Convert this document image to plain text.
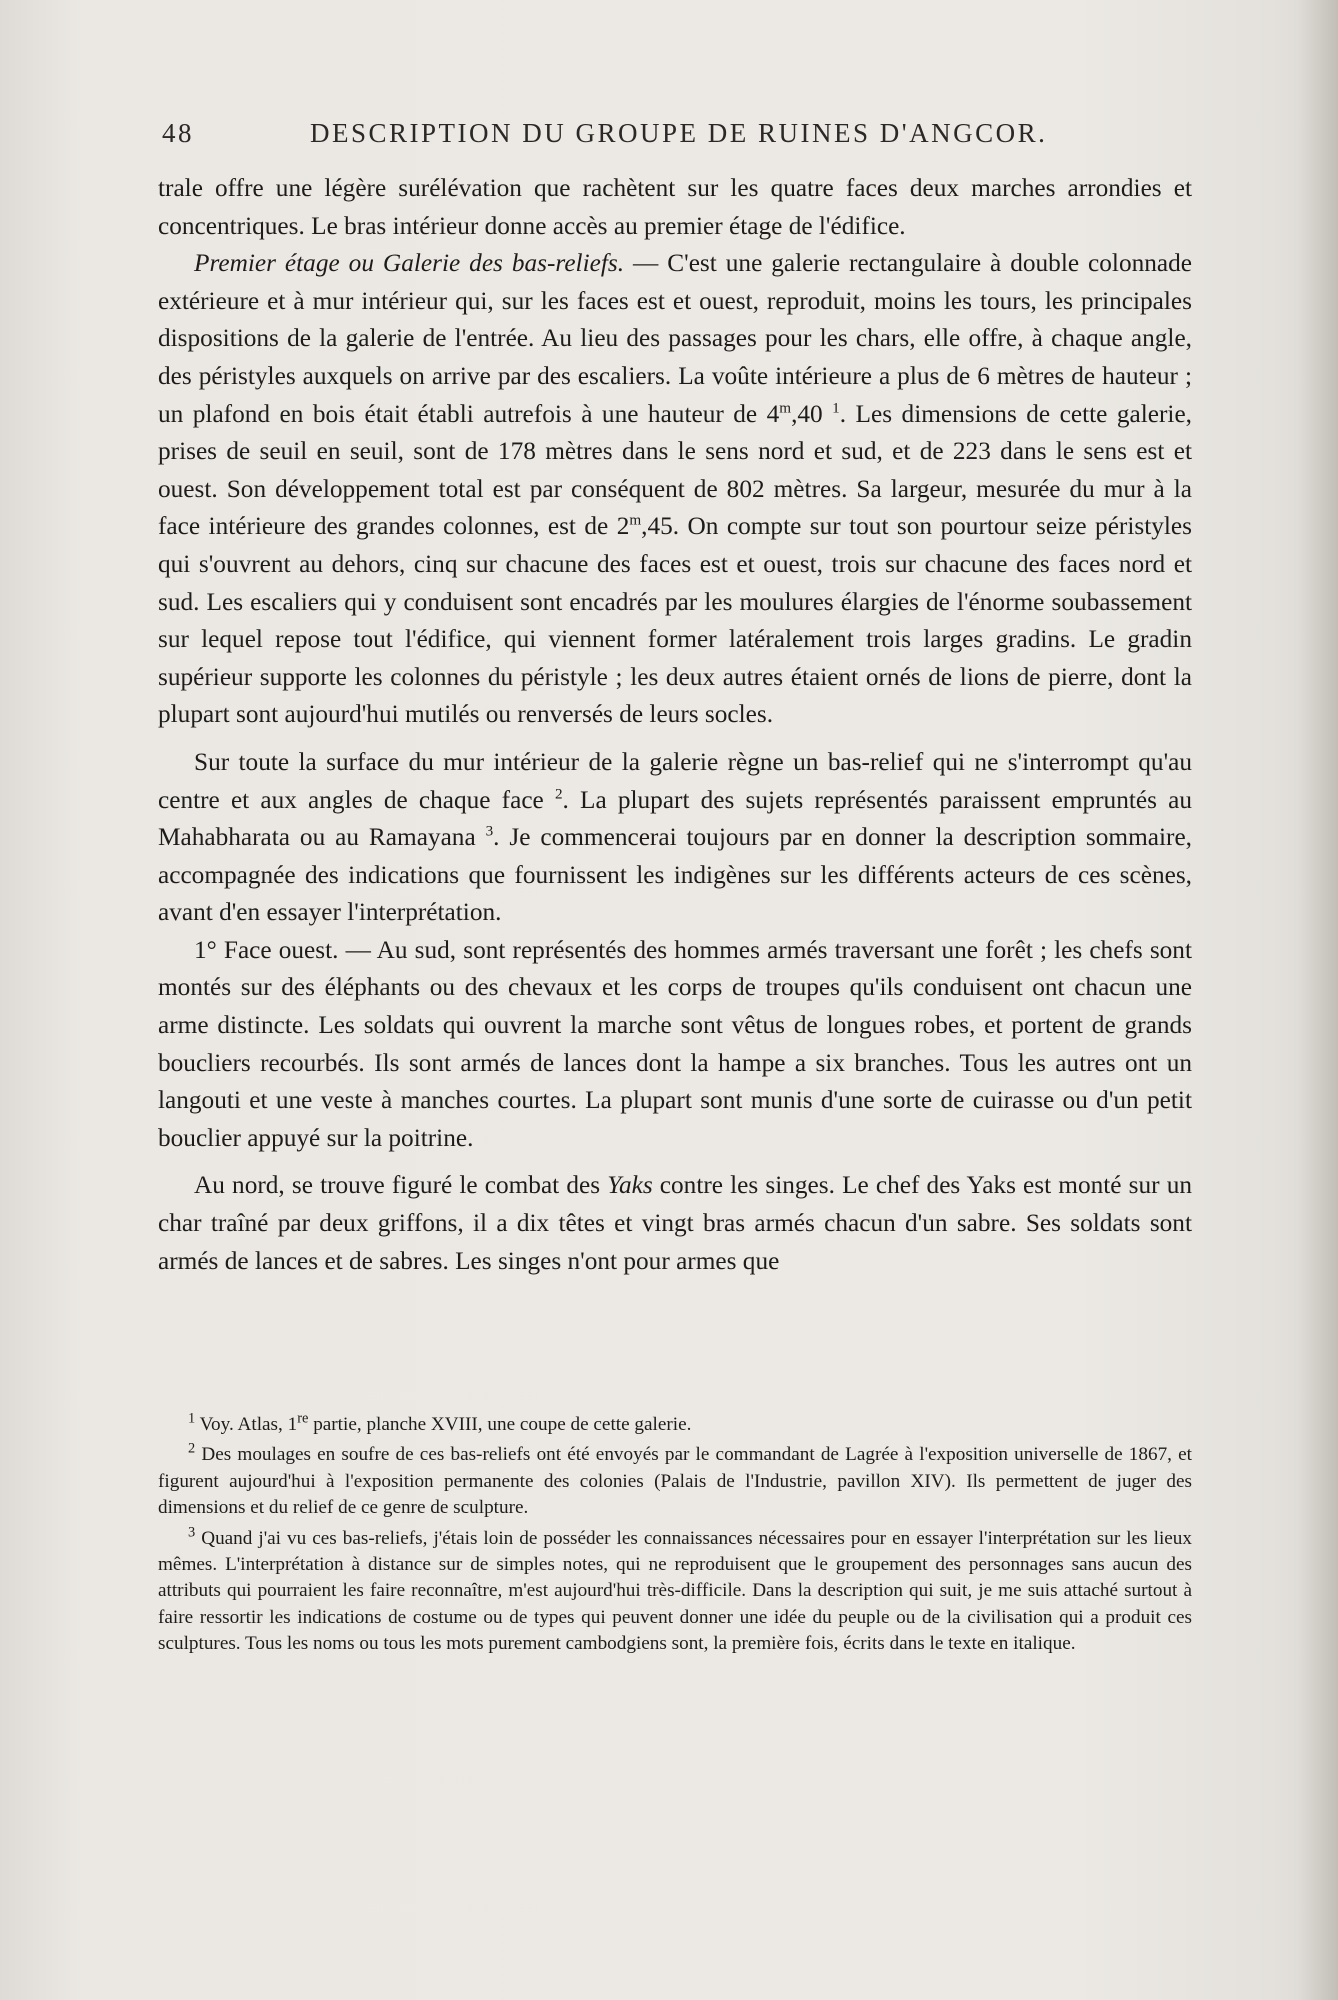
48	DESCRIPTION DU GROUPE DE RUINES D'ANGCOR.

trale offre une légère surélévation que rachètent sur les quatre faces deux marches arrondies et concentriques. Le bras intérieur donne accès au premier étage de l'édifice.

Premier étage ou Galerie des bas-reliefs. — C'est une galerie rectangulaire à double colonnade extérieure et à mur intérieur qui, sur les faces est et ouest, reproduit, moins les tours, les principales dispositions de la galerie de l'entrée. Au lieu des passages pour les chars, elle offre, à chaque angle, des péristyles auxquels on arrive par des escaliers. La voûte intérieure a plus de 6 mètres de hauteur ; un plafond en bois était établi autrefois à une hauteur de 4$^m$,40 $^1$. Les dimensions de cette galerie, prises de seuil en seuil, sont de 178 mètres dans le sens nord et sud, et de 223 dans le sens est et ouest. Son développement total est par conséquent de 802 mètres. Sa largeur, mesurée du mur à la face intérieure des grandes colonnes, est de 2$^m$,45. On compte sur tout son pourtour seize péristyles qui s'ouvrent au dehors, cinq sur chacune des faces est et ouest, trois sur chacune des faces nord et sud. Les escaliers qui y conduisent sont encadrés par les moulures élargies de l'énorme soubassement sur lequel repose tout l'édifice, qui viennent former latéralement trois larges gradins. Le gradin supérieur supporte les colonnes du péristyle ; les deux autres étaient ornés de lions de pierre, dont la plupart sont aujourd'hui mutilés ou renversés de leurs socles.

Sur toute la surface du mur intérieur de la galerie règne un bas-relief qui ne s'interrompt qu'au centre et aux angles de chaque face $^2$. La plupart des sujets représentés paraissent empruntés au Mahabharata ou au Ramayana $^3$. Je commencerai toujours par en donner la description sommaire, accompagnée des indications que fournissent les indigènes sur les différents acteurs de ces scènes, avant d'en essayer l'interprétation.

1° Face ouest. — Au sud, sont représentés des hommes armés traversant une forêt ; les chefs sont montés sur des éléphants ou des chevaux et les corps de troupes qu'ils conduisent ont chacun une arme distincte. Les soldats qui ouvrent la marche sont vêtus de longues robes, et portent de grands boucliers recourbés. Ils sont armés de lances dont la hampe a six branches. Tous les autres ont un langouti et une veste à manches courtes. La plupart sont munis d'une sorte de cuirasse ou d'un petit bouclier appuyé sur la poitrine.

Au nord, se trouve figuré le combat des Yaks contre les singes. Le chef des Yaks est monté sur un char traîné par deux griffons, il a dix têtes et vingt bras armés chacun d'un sabre. Ses soldats sont armés de lances et de sabres. Les singes n'ont pour armes que

$^1$ Voy. Atlas, 1re partie, planche XVIII, une coupe de cette galerie.

$^2$ Des moulages en soufre de ces bas-reliefs ont été envoyés par le commandant de Lagrée à l'exposition universelle de 1867, et figurent aujourd'hui à l'exposition permanente des colonies (Palais de l'Industrie, pavillon XIV). Ils permettent de juger des dimensions et du relief de ce genre de sculpture.

$^3$ Quand j'ai vu ces bas-reliefs, j'étais loin de posséder les connaissances nécessaires pour en essayer l'interprétation sur les lieux mêmes. L'interprétation à distance sur de simples notes, qui ne reproduisent que le groupement des personnages sans aucun des attributs qui pourraient les faire reconnaître, m'est aujourd'hui très-difficile. Dans la description qui suit, je me suis attaché surtout à faire ressortir les indications de costume ou de types qui peuvent donner une idée du peuple ou de la civilisation qui a produit ces sculptures. Tous les noms ou tous les mots purement cambodgiens sont, la première fois, écrits dans le texte en italique.
